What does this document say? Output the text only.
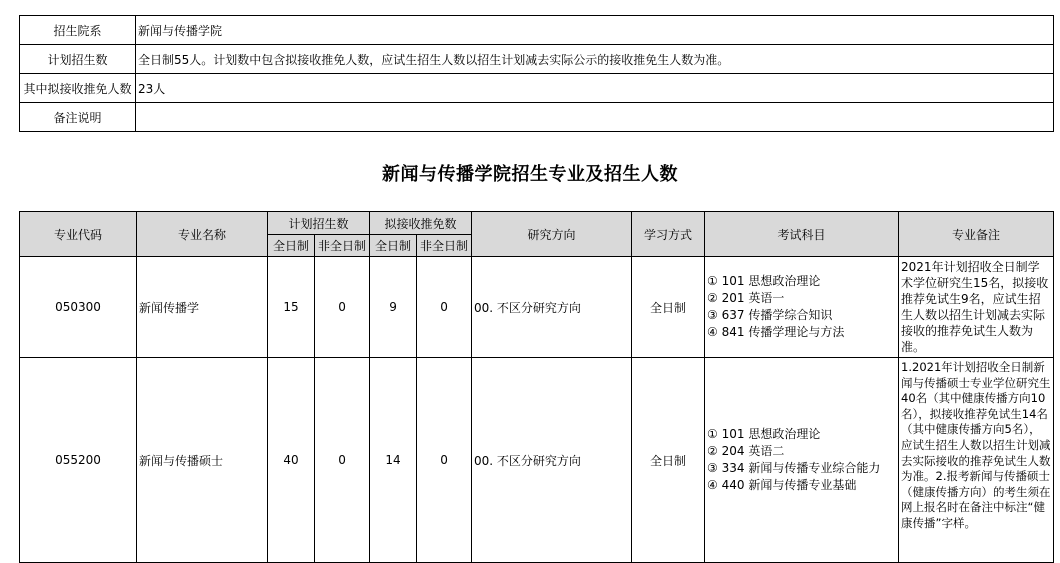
招生院系	新闻与传播学院
计划招生数	全日制55人。计划数中包含拟接收推免人数，应试生招生人数以招生计划减去实际公示的接收推免生人数为准。
其中拟接收推免人数	23人
备注说明	
新闻与传播学院招生专业及招生人数
专业代码	专业名称	计划招生数		拟接收推免数		研究方向	学习方式	考试科目	专业备注
		全日制	非全日制	全日制	非全日制				
050300	新闻传播学	15	0	9	0	00. 不区分研究方向	全日制	① 101 思想政治理论
② 201 英语一
③ 637 传播学综合知识
④ 841 传播学理论与方法	2021年计划招收全日制学术学位研究生15名，拟接收推荐免试生9名，应试生招生人数以招生计划减去实际接收的推荐免试生人数为准。
055200	新闻与传播硕士	40	0	14	0	00. 不区分研究方向	全日制	① 101 思想政治理论
② 204 英语二
③ 334 新闻与传播专业综合能力
④ 440 新闻与传播专业基础	1.2021年计划招收全日制新闻与传播硕士专业学位研究生40名（其中健康传播方向10名），拟接收推荐免试生14名（其中健康传播方向5名），应试生招生人数以招生计划减去实际接收的推荐免试生人数为准。2.报考新闻与传播硕士（健康传播方向）的考生须在网上报名时在备注中标注“健康传播”字样。
